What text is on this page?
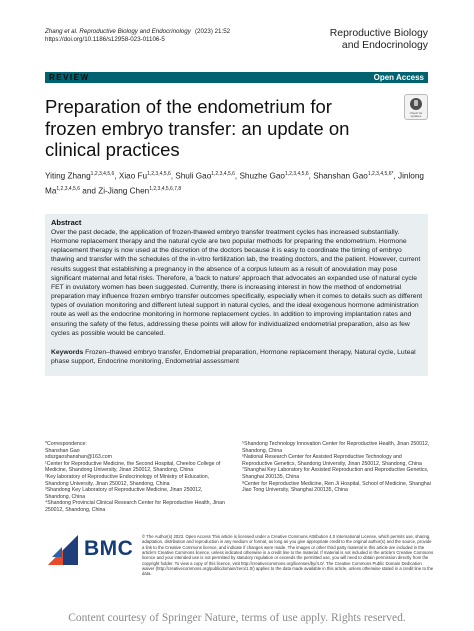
Zhang et al. Reproductive Biology and Endocrinology
https://doi.org/10.1186/s12958-023-01106-5
(2023) 21:52	Reproductive Biology
and Endocrinology
REVIEW	Open Access
Preparation of the endometrium for frozen embryo transfer: an update on clinical practices
Check for updates
Yiting Zhang$^{1,2,3,4,5,6}$, Xiao Fu$^{1,2,3,4,5,6}$, Shuli Gao$^{1,2,3,4,5,6}$, Shuzhe Gao$^{1,2,3,4,5,6}$, Shanshan Gao$^{1,2,3,4,5,6*}$, Jinlong Ma$^{1,2,3,4,5,6}$ and Zi-Jiang Chen$^{1,2,3,4,5,6,7,8}$
Abstract
Over the past decade, the application of frozen-thawed embryo transfer treatment cycles has increased substantially. Hormone replacement therapy and the natural cycle are two popular methods for preparing the endometrium. Hormone replacement therapy is now used at the discretion of the doctors because it is easy to coordinate the timing of embryo thawing and transfer with the schedules of the in-vitro fertilization lab, the treating doctors, and the patient. However, current results suggest that establishing a pregnancy in the absence of a corpus luteum as a result of anovulation may pose significant maternal and fetal risks. Therefore, a 'back to nature' approach that advocates an expanded use of natural cycle FET in ovulatory women has been suggested. Currently, there is increasing interest in how the method of endometrial preparation may influence frozen embryo transfer outcomes specifically, especially when it comes to details such as different types of ovulation monitoring and different luteal support in natural cycles, and the ideal exogenous hormone administration route as well as the endocrine monitoring in hormone replacement cycles. In addition to improving implantation rates and ensuring the safety of the fetus, addressing these points will allow for individualized endometrial preparation, also as few cycles as possible would be canceled.
Keywords Frozen–thawed embryo transfer, Endometrial preparation, Hormone replacement therapy, Natural cycle, Luteal phase support, Endocrine monitoring, Endometrial assessment
*Correspondence:
Shanshan Gao
sdszgaoshanshan@163.com
¹Center for Reproductive Medicine, the Second Hospital, Cheeloo College of Medicine, Shandong University, Jinan 250012, Shandong, China
²Key laboratory of Reproductive Endocrinology of Ministry of Education, Shandong University, Jinan 250012, Shandong, China
³Shandong Key Laboratory of Reproductive Medicine, Jinan 250012, Shandong, China
⁴Shandong Provincial Clinical Research Center for Reproductive Health, Jinan 250012, Shandong, China
⁵Shandong Technology Innovation Center for Reproductive Health, Jinan 250012, Shandong, China
⁶National Research Center for Assisted Reproductive Technology and Reproductive Genetics, Shandong University, Jinan 250012, Shandong, China
⁷Shanghai Key Laboratory for Assisted Reproduction and Reproductive Genetics, Shanghai 200135, China
⁸Center for Reproductive Medicine, Ren Ji Hospital, School of Medicine, Shanghai Jiao Tong University, Shanghai 200135, China
BMC
© The Author(s) 2023. Open Access This article is licensed under a Creative Commons Attribution 4.0 International License, which permits use, sharing, adaptation, distribution and reproduction in any medium or format, as long as you give appropriate credit to the original author(s) and the source, provide a link to the Creative Commons licence, and indicate if changes were made. The images or other third party material in this article are included in the article's Creative Commons licence, unless indicated otherwise in a credit line to the material. If material is not included in the article's Creative Commons licence and your intended use is not permitted by statutory regulation or exceeds the permitted use, you will need to obtain permission directly from the copyright holder. To view a copy of this licence, visit http://creativecommons.org/licenses/by/4.0/. The Creative Commons Public Domain Dedication waiver (http://creativecommons.org/publicdomain/zero/1.0/) applies to the data made available in this article, unless otherwise stated in a credit line to the data.
Content courtesy of Springer Nature, terms of use apply. Rights reserved.
